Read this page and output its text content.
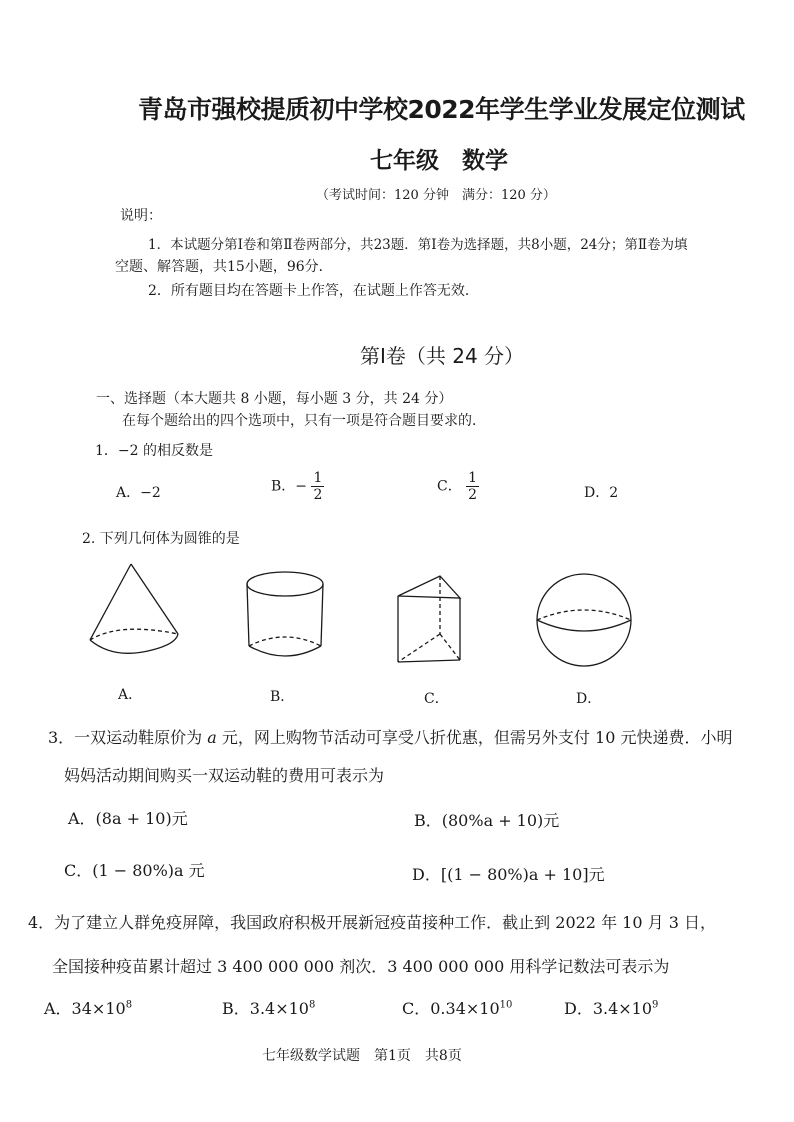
青岛市强校提质初中学校2022年学生学业发展定位测试
七年级　数学
（考试时间：120 分钟　满分：120 分）
说明：
1．本试题分第Ⅰ卷和第Ⅱ卷两部分，共23题．第Ⅰ卷为选择题，共8小题，24分；第Ⅱ卷为填
空题、解答题，共15小题，96分．
2．所有题目均在答题卡上作答，在试题上作答无效．
第Ⅰ卷（共 24 分）
一、选择题（本大题共 8 小题，每小题 3 分，共 24 分）
在每个题给出的四个选项中，只有一项是符合题目要求的．
1．−2 的相反数是
A．−2	B．− $\frac{1}{2}$	C． $\frac{1}{2}$	D．2
2. 下列几何体为圆锥的是
A．	B．	C．	D．
3．一双运动鞋原价为 a 元，网上购物节活动可享受八折优惠，但需另外支付 10 元快递费．小明
妈妈活动期间购买一双运动鞋的费用可表示为
A．(8a + 10)元	B．(80%a + 10)元
C．(1 − 80%)a 元	D．[(1 − 80%)a + 10]元
4．为了建立人群免疫屏障，我国政府积极开展新冠疫苗接种工作．截止到 2022 年 10 月 3 日，
全国接种疫苗累计超过 3 400 000 000 剂次．3 400 000 000 用科学记数法可表示为
A．$34\times 10^8$	B．$3.4\times 10^8$	C．$0.34\times 10^{10}$	D．$3.4\times 10^9$
七年级数学试题　第1页　共8页
